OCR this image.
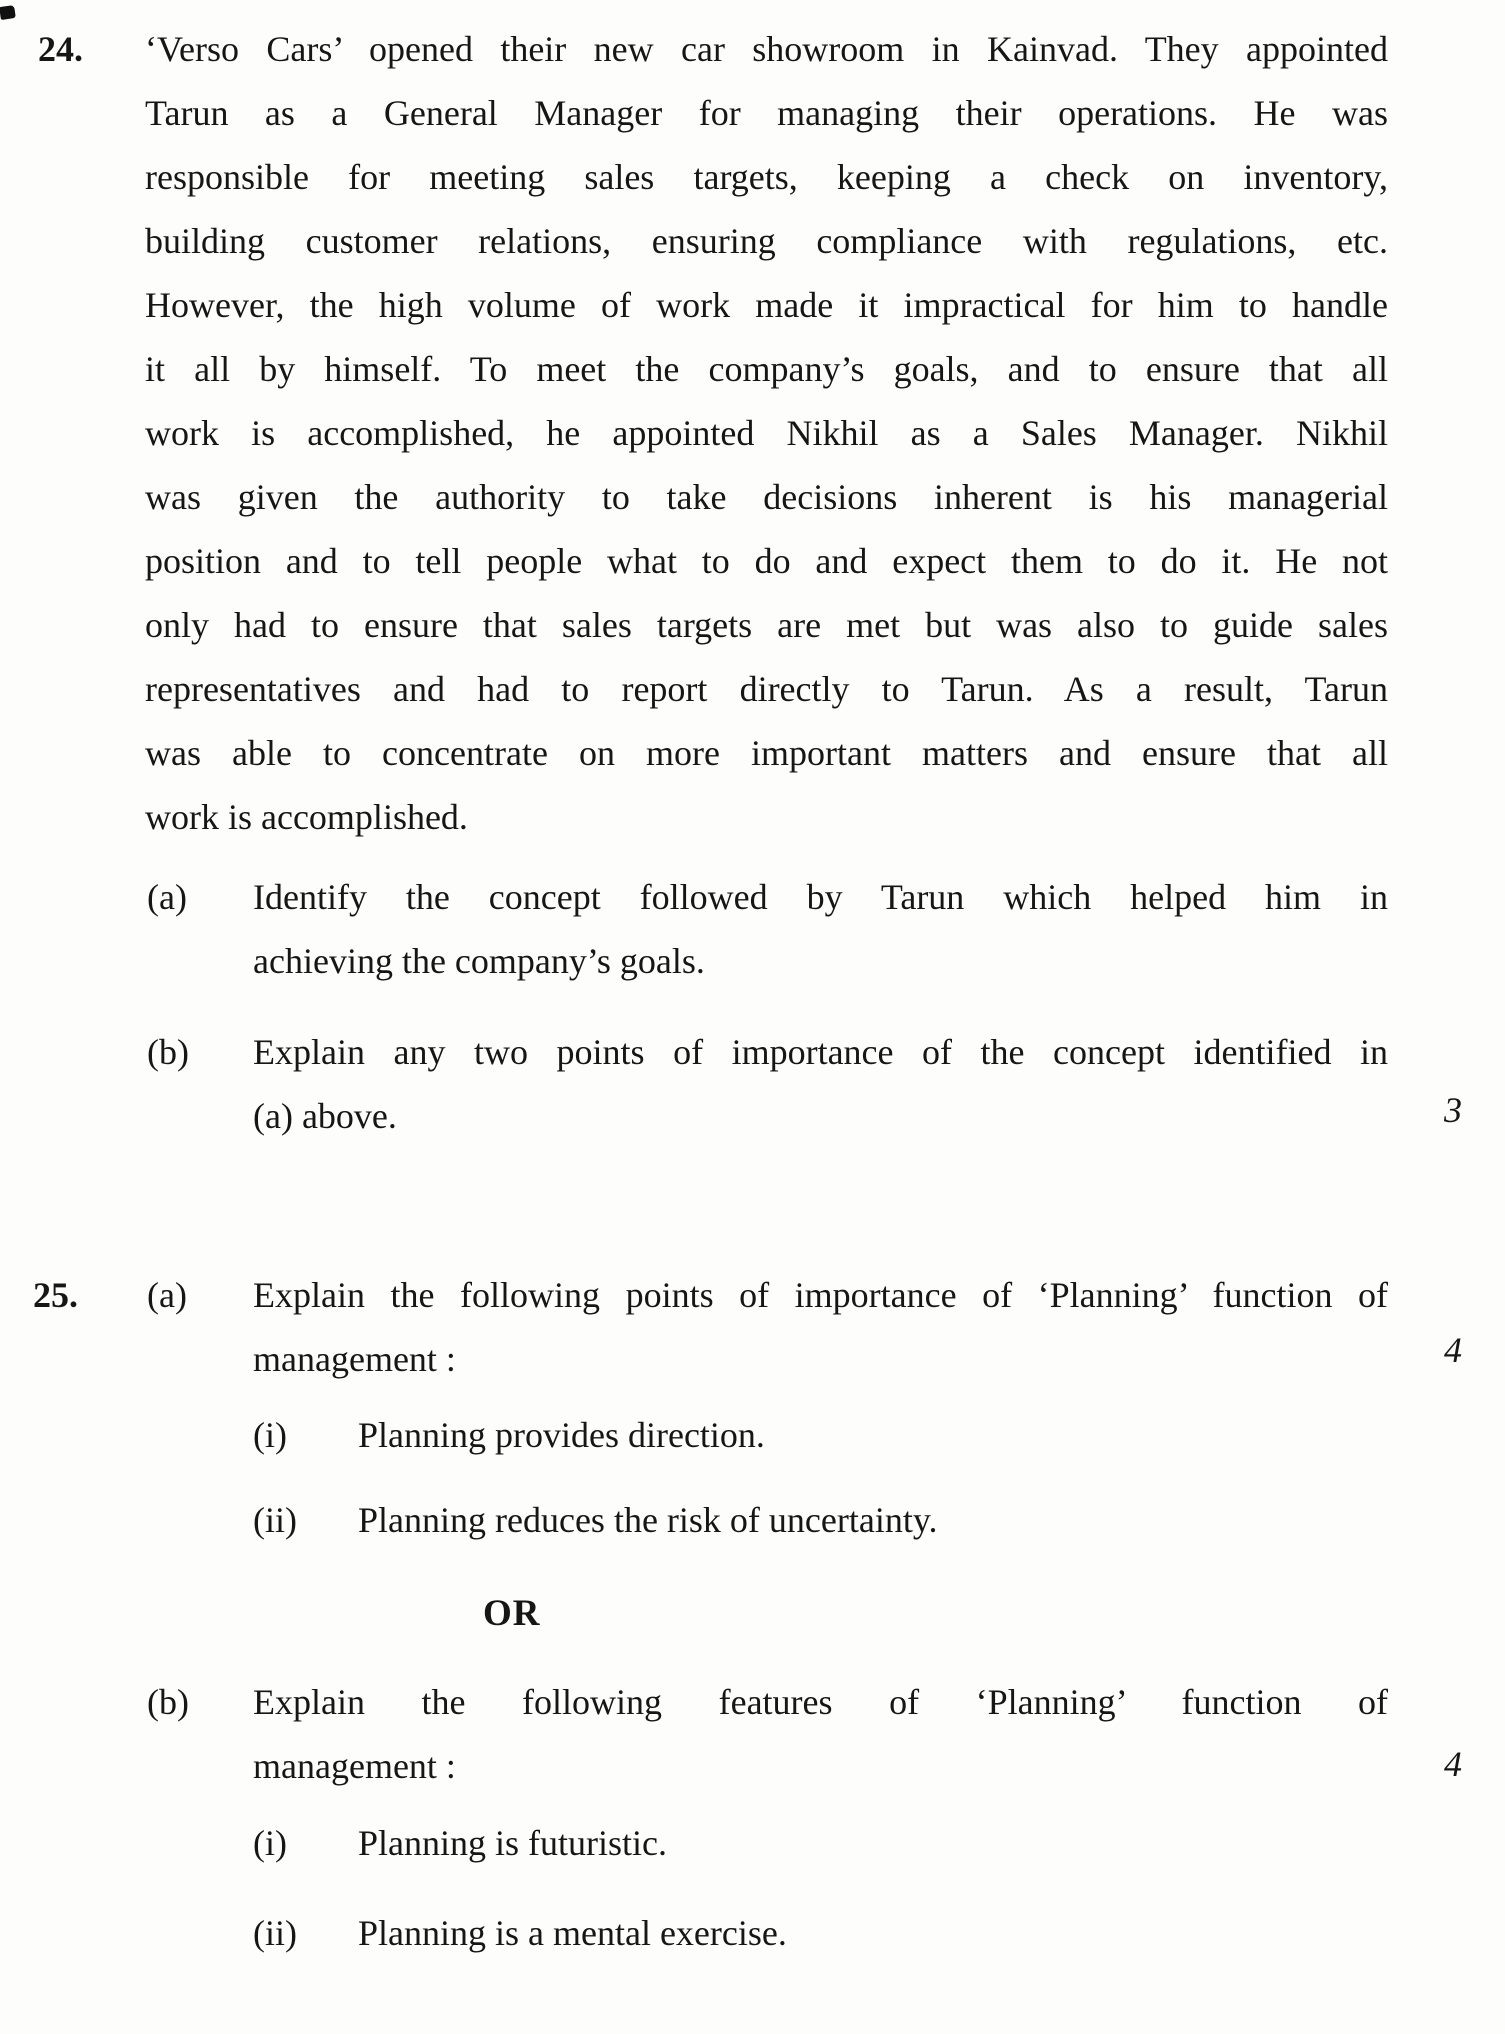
24. ‘Verso Cars’ opened their new car showroom in Kainvad. They appointed
Tarun as a General Manager for managing their operations. He was
responsible for meeting sales targets, keeping a check on inventory,
building customer relations, ensuring compliance with regulations, etc.
However, the high volume of work made it impractical for him to handle
it all by himself. To meet the company’s goals, and to ensure that all
work is accomplished, he appointed Nikhil as a Sales Manager. Nikhil
was given the authority to take decisions inherent is his managerial
position and to tell people what to do and expect them to do it. He not
only had to ensure that sales targets are met but was also to guide sales
representatives and had to report directly to Tarun. As a result, Tarun
was able to concentrate on more important matters and ensure that all
work is accomplished.
(a)	Identify the concept followed by Tarun which helped him in
achieving the company’s goals.
(b)	Explain any two points of importance of the concept identified in
(a) above.	3
25. (a)	Explain the following points of importance of ‘Planning’ function of
management :	4
(i)	Planning provides direction.
(ii)	Planning reduces the risk of uncertainty.
OR
(b)	Explain the following features of ‘Planning’ function of
management :	4
(i)	Planning is futuristic.
(ii)	Planning is a mental exercise.
